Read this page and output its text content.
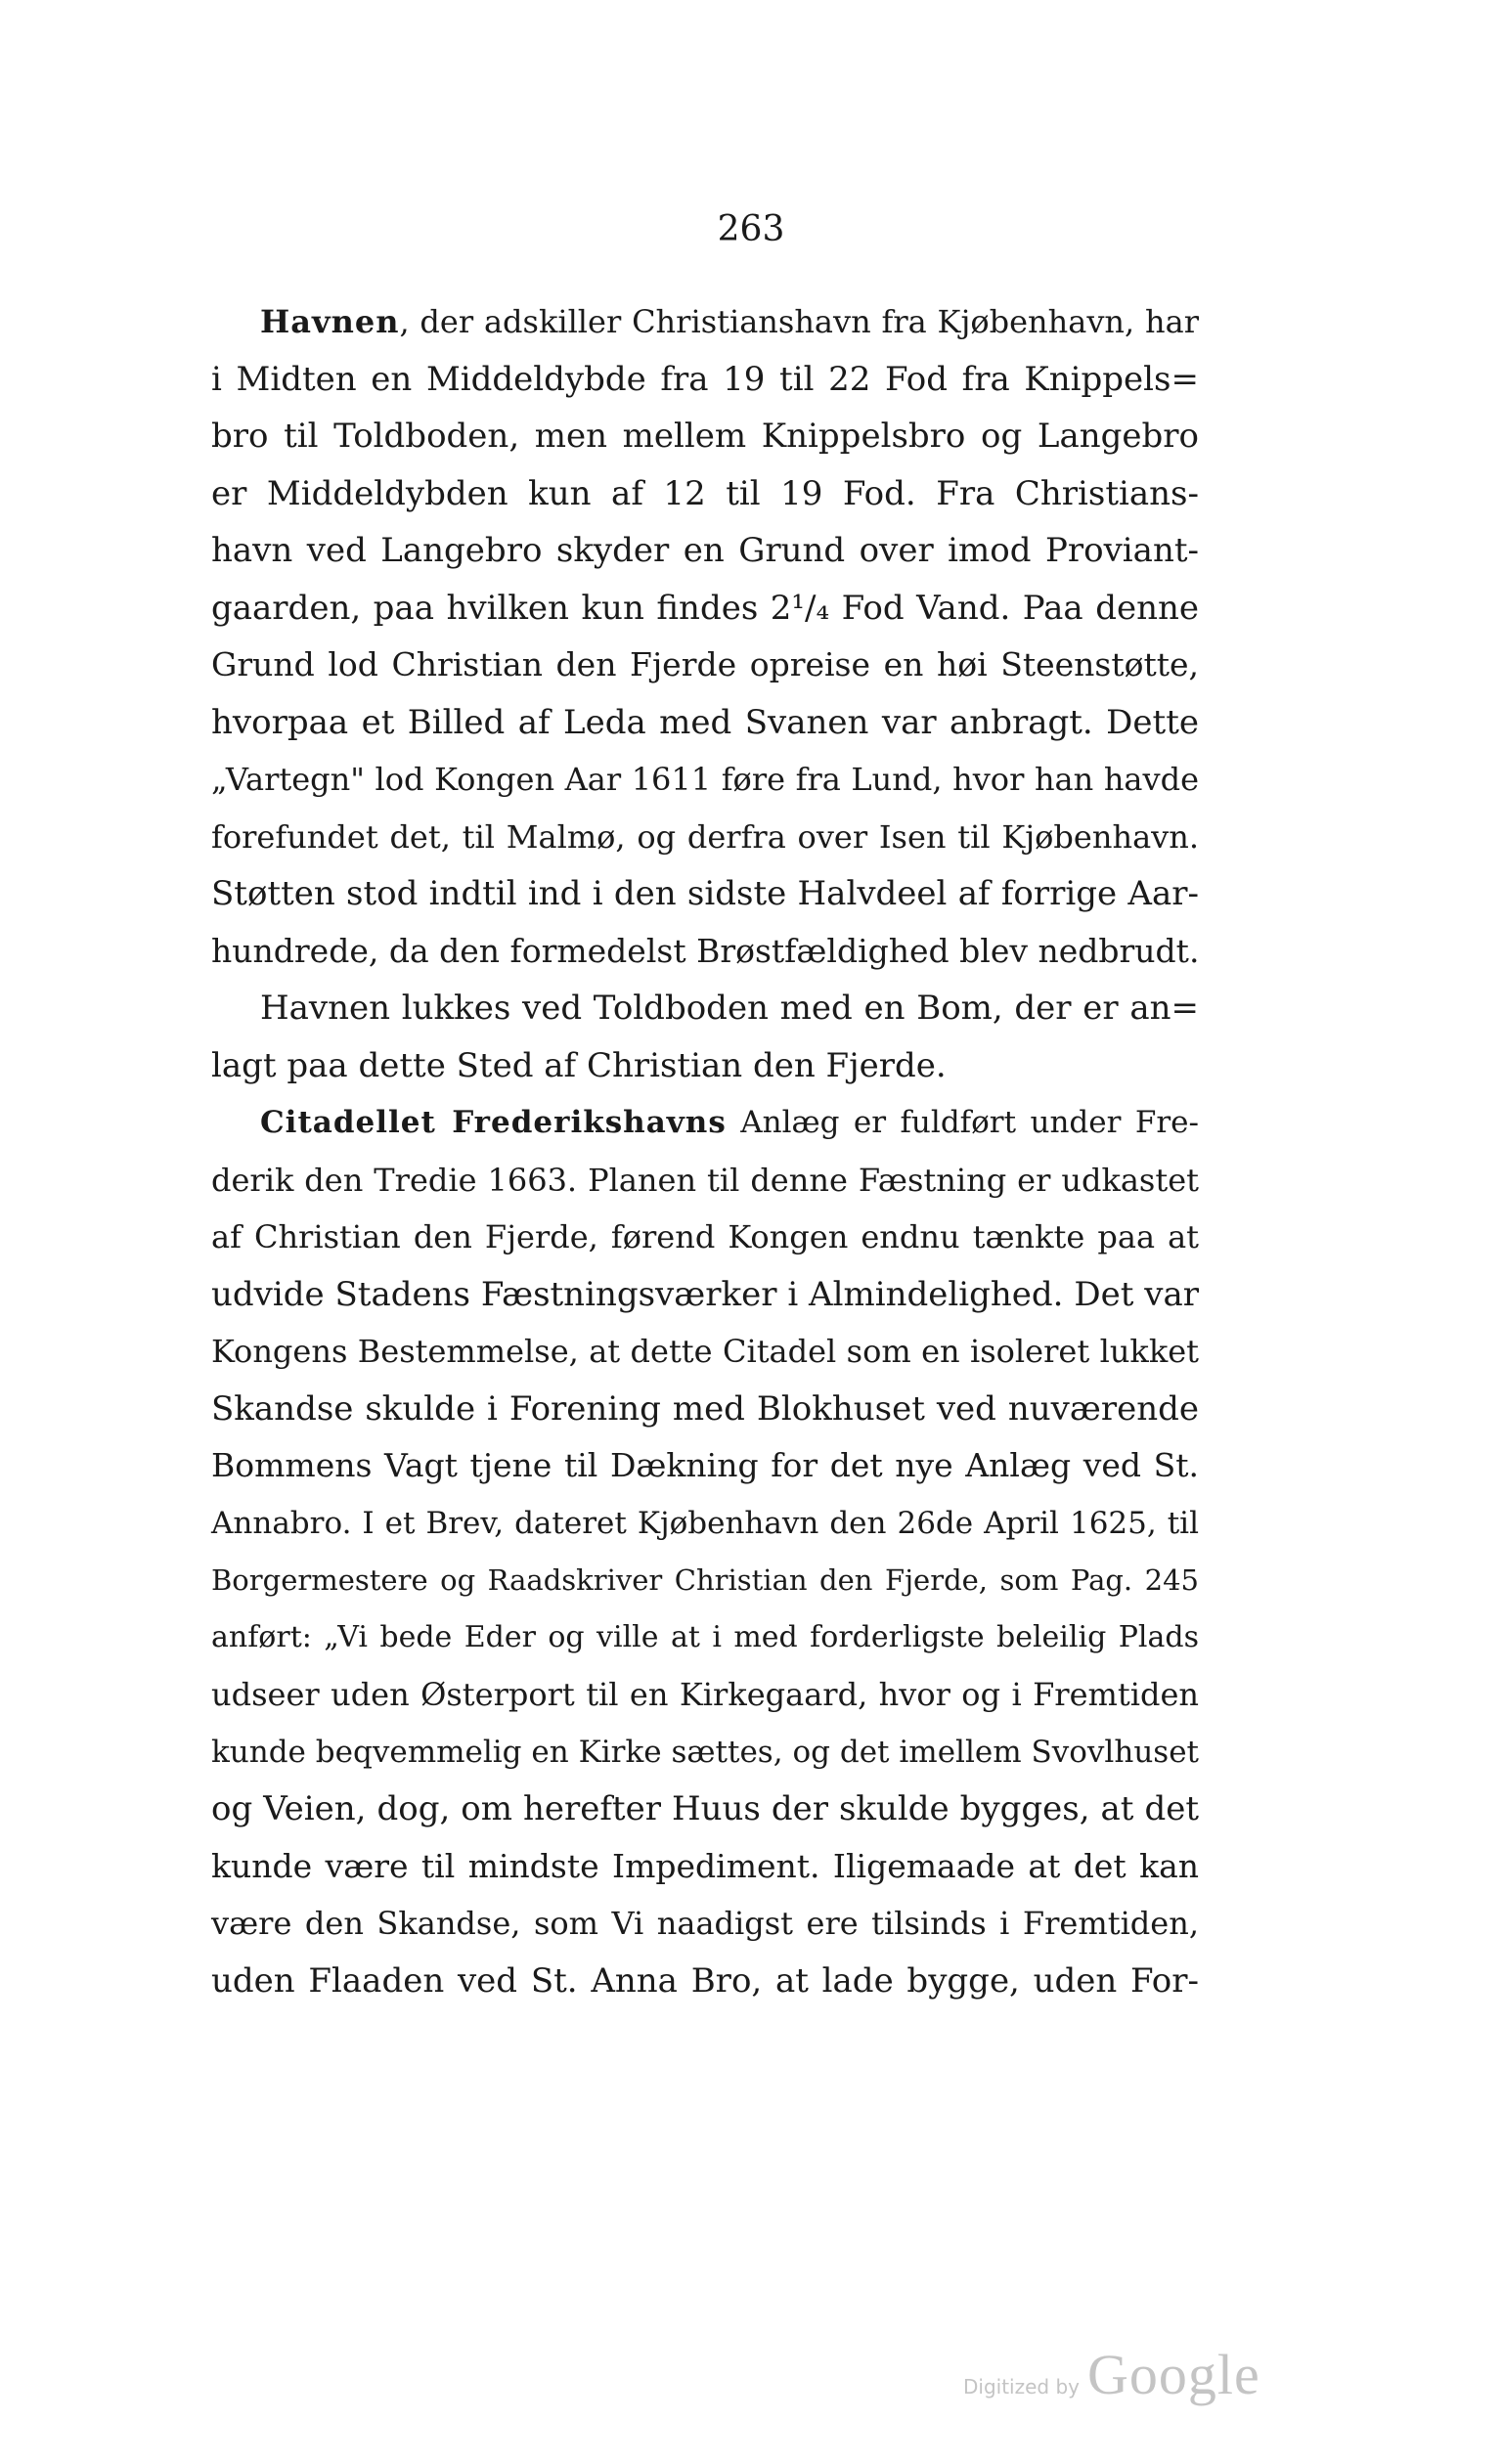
263
Havnen, der adskiller Christianshavn fra Kjøbenhavn, har
i Midten en Middeldybde fra 19 til 22 Fod fra Knippels=
bro til Toldboden, men mellem Knippelsbro og Langebro
er Middeldybden kun af 12 til 19 Fod. Fra Christians-
havn ved Langebro skyder en Grund over imod Proviant-
gaarden, paa hvilken kun findes 2¹/₄ Fod Vand. Paa denne
Grund lod Christian den Fjerde opreise en høi Steenstøtte,
hvorpaa et Billed af Leda med Svanen var anbragt. Dette
„Vartegn" lod Kongen Aar 1611 føre fra Lund, hvor han havde
forefundet det, til Malmø, og derfra over Isen til Kjøbenhavn.
Støtten stod indtil ind i den sidste Halvdeel af forrige Aar-
hundrede, da den formedelst Brøstfældighed blev nedbrudt.
Havnen lukkes ved Toldboden med en Bom, der er an=
lagt paa dette Sted af Christian den Fjerde.
Citadellet Frederikshavns Anlæg er fuldført under Fre-
derik den Tredie 1663. Planen til denne Fæstning er udkastet
af Christian den Fjerde, førend Kongen endnu tænkte paa at
udvide Stadens Fæstningsværker i Almindelighed. Det var
Kongens Bestemmelse, at dette Citadel som en isoleret lukket
Skandse skulde i Forening med Blokhuset ved nuværende
Bommens Vagt tjene til Dækning for det nye Anlæg ved St.
Annabro. I et Brev, dateret Kjøbenhavn den 26de April 1625, til
Borgermestere og Raadskriver Christian den Fjerde, som Pag. 245
anført: „Vi bede Eder og ville at i med forderligste beleilig Plads
udseer uden Østerport til en Kirkegaard, hvor og i Fremtiden
kunde beqvemmelig en Kirke sættes, og det imellem Svovlhuset
og Veien, dog, om herefter Huus der skulde bygges, at det
kunde være til mindste Impediment. Iligemaade at det kan
være den Skandse, som Vi naadigst ere tilsinds i Fremtiden,
uden Flaaden ved St. Anna Bro, at lade bygge, uden For-
Digitized by Google
